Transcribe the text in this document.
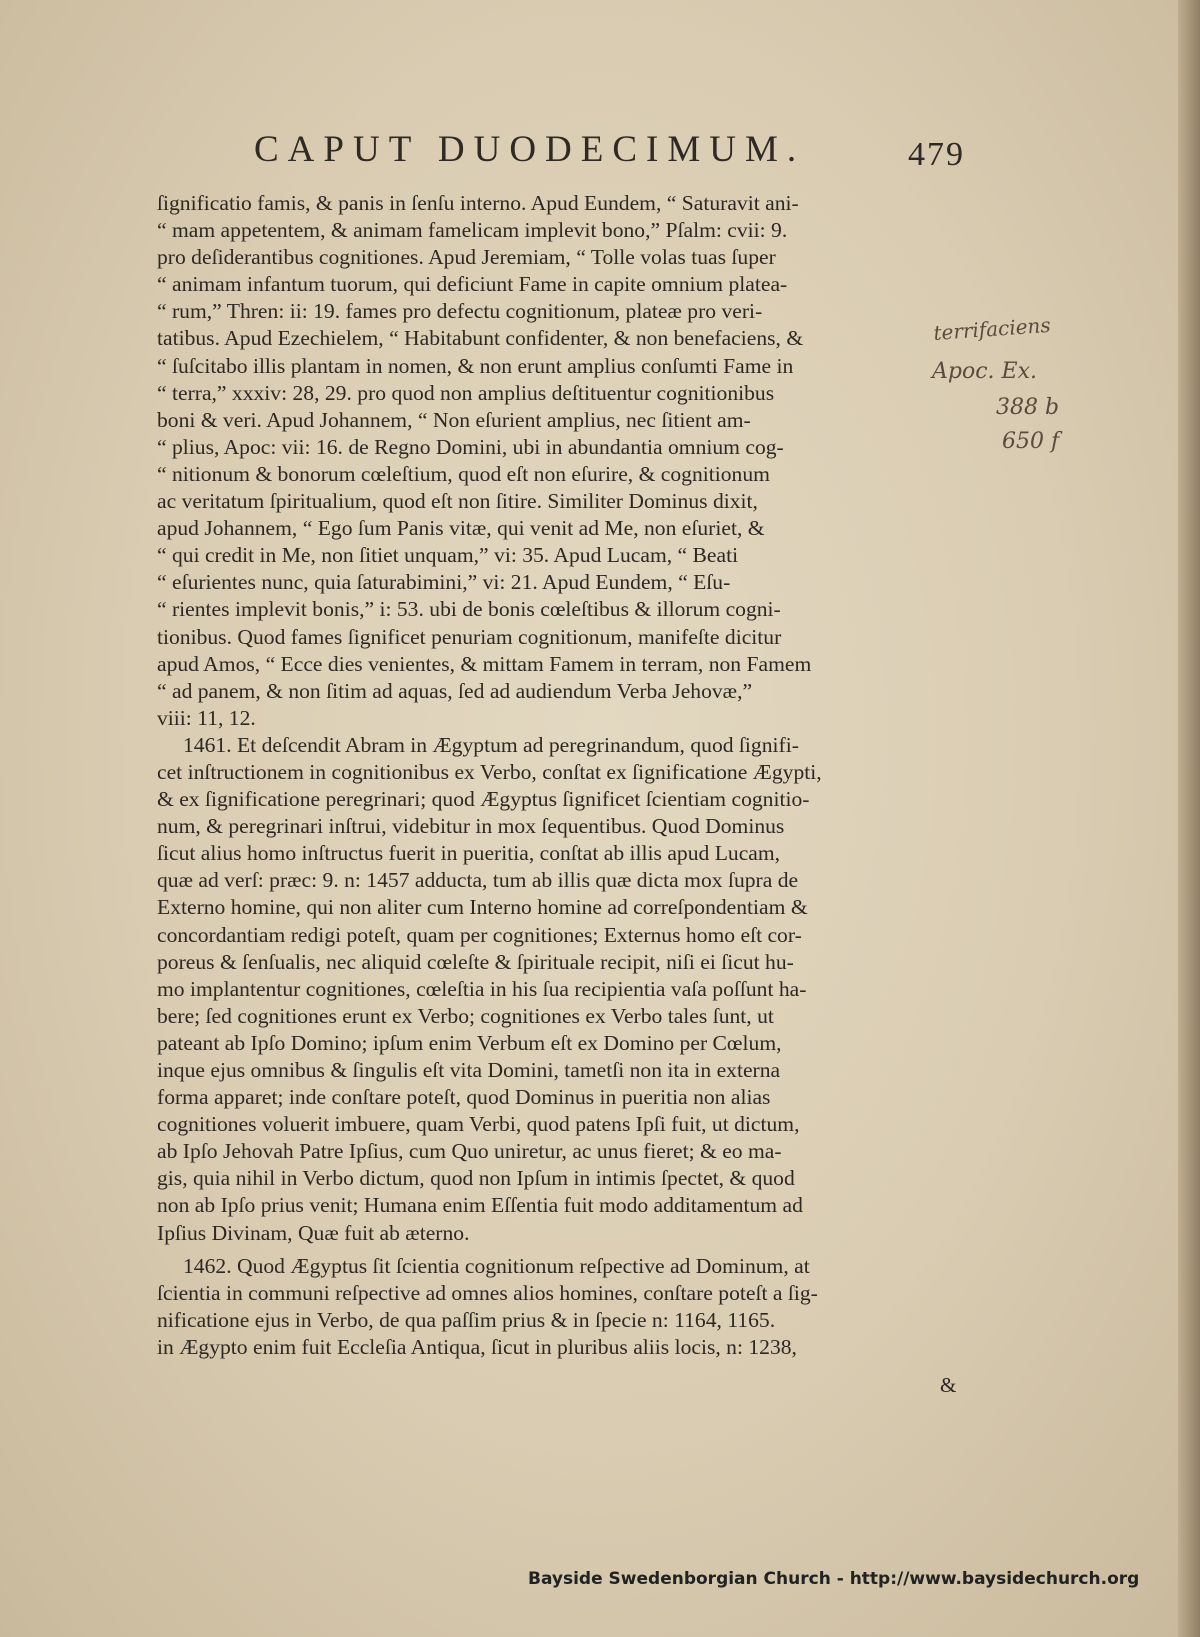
CAPUT DUODECIMUM.	479
ſignificatio famis, & panis in ſenſu interno. Apud Eundem, “ Saturavit ani-
“ mam appetentem, & animam famelicam implevit bono,” Pſalm: cvii: 9.
pro deſiderantibus cognitiones. Apud Jeremiam, “ Tolle volas tuas ſuper
“ animam infantum tuorum, qui deficiunt Fame in capite omnium platea-
“ rum,” Thren: ii: 19. fames pro defectu cognitionum, plateæ pro veri-
tatibus. Apud Ezechielem, “ Habitabunt confidenter, & non benefaciens, &
“ ſuſcitabo illis plantam in nomen, & non erunt amplius conſumti Fame in
“ terra,” xxxiv: 28, 29. pro quod non amplius deſtituentur cognitionibus
boni & veri. Apud Johannem, “ Non eſurient amplius, nec ſitient am-
“ plius, Apoc: vii: 16. de Regno Domini, ubi in abundantia omnium cog-
“ nitionum & bonorum cœleſtium, quod eſt non eſurire, & cognitionum
ac veritatum ſpiritualium, quod eſt non ſitire. Similiter Dominus dixit,
apud Johannem, “ Ego ſum Panis vitæ, qui venit ad Me, non eſuriet, &
“ qui credit in Me, non ſitiet unquam,” vi: 35. Apud Lucam, “ Beati
“ eſurientes nunc, quia ſaturabimini,” vi: 21. Apud Eundem, “ Eſu-
“ rientes implevit bonis,” i: 53. ubi de bonis cœleſtibus & illorum cogni-
tionibus. Quod fames ſignificet penuriam cognitionum, manifeſte dicitur
apud Amos, “ Ecce dies venientes, & mittam Famem in terram, non Famem
“ ad panem, & non ſitim ad aquas, ſed ad audiendum Verba Jehovæ,”
viii: 11, 12.
1461. Et deſcendit Abram in Ægyptum ad peregrinandum, quod ſignifi-
cet inſtructionem in cognitionibus ex Verbo, conſtat ex ſignificatione Ægypti,
& ex ſignificatione peregrinari; quod Ægyptus ſignificet ſcientiam cognitio-
num, & peregrinari inſtrui, videbitur in mox ſequentibus. Quod Dominus
ſicut alius homo inſtructus fuerit in pueritia, conſtat ab illis apud Lucam,
quæ ad verſ: præc: 9. n: 1457 adducta, tum ab illis quæ dicta mox ſupra de
Externo homine, qui non aliter cum Interno homine ad correſpondentiam &
concordantiam redigi poteſt, quam per cognitiones; Externus homo eſt cor-
poreus & ſenſualis, nec aliquid cœleſte & ſpirituale recipit, niſi ei ſicut hu-
mo implantentur cognitiones, cœleſtia in his ſua recipientia vaſa poſſunt ha-
bere; ſed cognitiones erunt ex Verbo; cognitiones ex Verbo tales ſunt, ut
pateant ab Ipſo Domino; ipſum enim Verbum eſt ex Domino per Cœlum,
inque ejus omnibus & ſingulis eſt vita Domini, tametſi non ita in externa
forma apparet; inde conſtare poteſt, quod Dominus in pueritia non alias
cognitiones voluerit imbuere, quam Verbi, quod patens Ipſi fuit, ut dictum,
ab Ipſo Jehovah Patre Ipſius, cum Quo uniretur, ac unus fieret; & eo ma-
gis, quia nihil in Verbo dictum, quod non Ipſum in intimis ſpectet, & quod
non ab Ipſo prius venit; Humana enim Eſſentia fuit modo additamentum ad
Ipſius Divinam, Quæ fuit ab æterno.
1462. Quod Ægyptus ſit ſcientia cognitionum reſpective ad Dominum, at
ſcientia in communi reſpective ad omnes alios homines, conſtare poteſt a ſig-
nificatione ejus in Verbo, de qua paſſim prius & in ſpecie n: 1164, 1165.
in Ægypto enim fuit Eccleſia Antiqua, ſicut in pluribus aliis locis, n: 1238,
&
terrifaciens
Apoc. Ex.
388 b
650 f
Bayside Swedenborgian Church - http://www.baysidechurch.org
